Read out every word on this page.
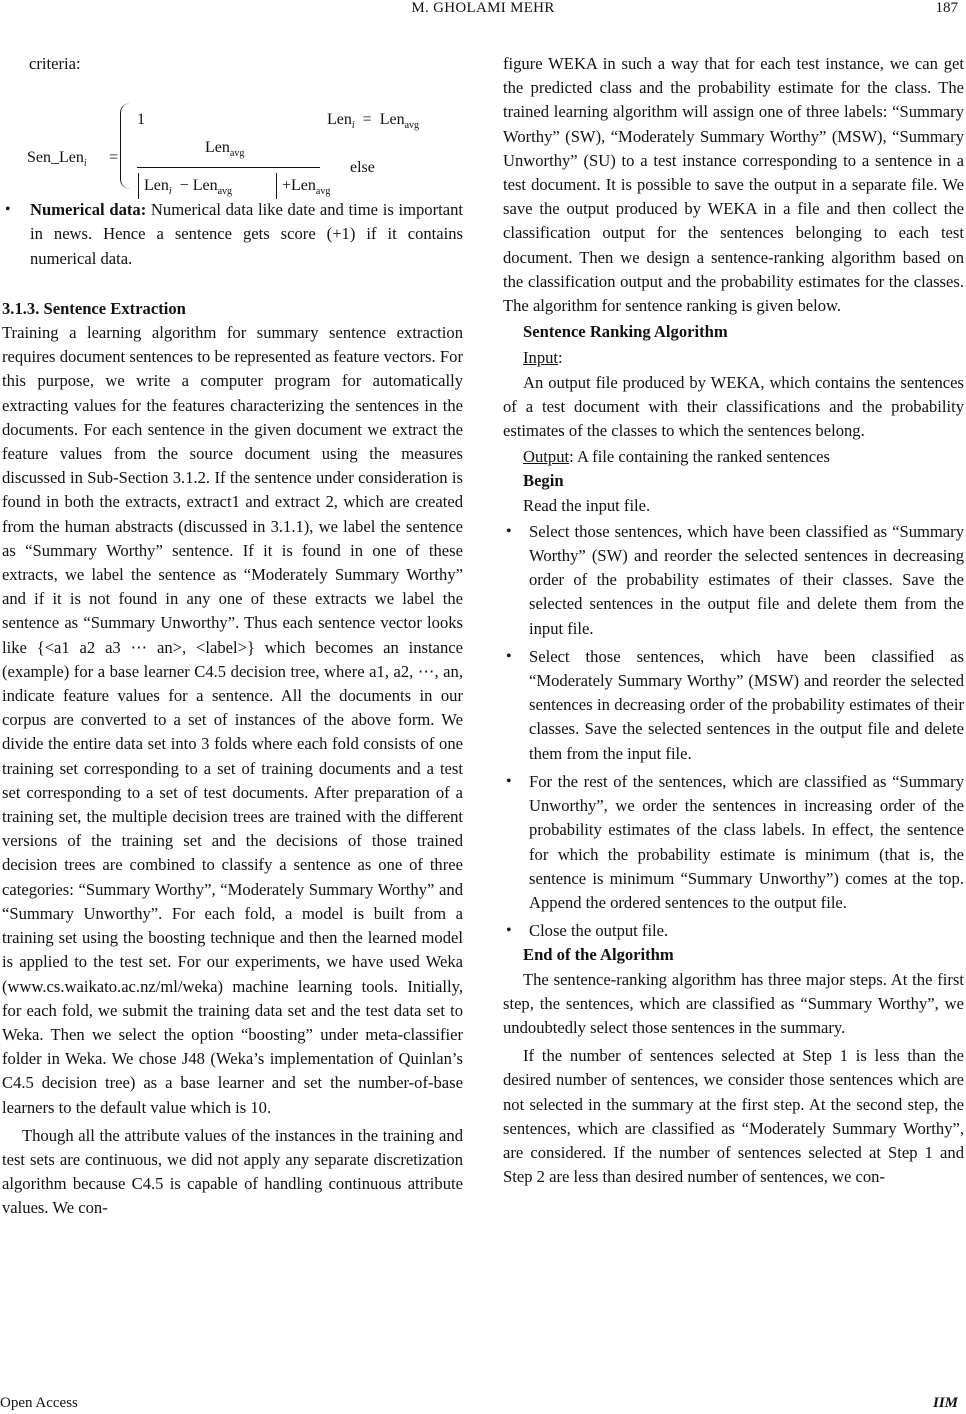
M. GHOLAMI MEHR	187

criteria:

Sen_Len$_i$ =
1	Len$_i$ = Len$_{avg}$
Len$_{avg}$
Len$_i$ − Len$_{avg}$	+Len$_{avg}$
else
• Numerical data: Numerical data like date and time is important in news. Hence a sentence gets score (+1) if it contains numerical data.

3.1.3. Sentence Extraction

Training a learning algorithm for summary sentence extraction requires document sentences to be represented as feature vectors. For this purpose, we write a computer program for automatically extracting values for the features characterizing the sentences in the documents. For each sentence in the given document we extract the feature values from the source document using the measures discussed in Sub-Section 3.1.2. If the sentence under consideration is found in both the extracts, extract1 and extract 2, which are created from the human abstracts (discussed in 3.1.1), we label the sentence as “Summary Worthy” sentence. If it is found in one of these extracts, we label the sentence as “Moderately Summary Worthy” and if it is not found in any one of these extracts we label the sentence as “Summary Unworthy”. Thus each sentence vector looks like {<a1 a2 a3 ⋯ an>, <label>} which becomes an instance (example) for a base learner C4.5 decision tree, where a1, a2, ⋯, an, indicate feature values for a sentence. All the documents in our corpus are converted to a set of instances of the above form. We divide the entire data set into 3 folds where each fold consists of one training set corresponding to a set of training documents and a test set corresponding to a set of test documents. After preparation of a training set, the multiple decision trees are trained with the different versions of the training set and the decisions of those trained decision trees are combined to classify a sentence as one of three categories: “Summary Worthy”, “Moderately Summary Worthy” and “Summary Unworthy”. For each fold, a model is built from a training set using the boosting technique and then the learned model is applied to the test set. For our experiments, we have used Weka (www.cs.waikato.ac.nz/ml/weka) machine learning tools. Initially, for each fold, we submit the training data set and the test data set to Weka. Then we select the option “boosting” under meta-classifier folder in Weka. We chose J48 (Weka’s implementation of Quinlan’s C4.5 decision tree) as a base learner and set the number-of-base learners to the default value which is 10.

Though all the attribute values of the instances in the training and test sets are continuous, we did not apply any separate discretization algorithm because C4.5 is capable of handling continuous attribute values. We con-

figure WEKA in such a way that for each test instance, we can get the predicted class and the probability estimate for the class. The trained learning algorithm will assign one of three labels: “Summary Worthy” (SW), “Moderately Summary Worthy” (MSW), “Summary Unworthy” (SU) to a test instance corresponding to a sentence in a test document. It is possible to save the output in a separate file. We save the output produced by WEKA in a file and then collect the classification output for the sentences belonging to each test document. Then we design a sentence-ranking algorithm based on the classification output and the probability estimates for the classes. The algorithm for sentence ranking is given below.

Sentence Ranking Algorithm

Input:

An output file produced by WEKA, which contains the sentences of a test document with their classifications and the probability estimates of the classes to which the sentences belong.

Output: A file containing the ranked sentences

Begin

Read the input file.

• Select those sentences, which have been classified as “Summary Worthy” (SW) and reorder the selected sentences in decreasing order of the probability estimates of their classes. Save the selected sentences in the output file and delete them from the input file.

• Select those sentences, which have been classified as “Moderately Summary Worthy” (MSW) and reorder the selected sentences in decreasing order of the probability estimates of their classes. Save the selected sentences in the output file and delete them from the input file.

• For the rest of the sentences, which are classified as “Summary Unworthy”, we order the sentences in increasing order of the probability estimates of the class labels. In effect, the sentence for which the probability estimate is minimum (that is, the sentence is minimum “Summary Unworthy”) comes at the top. Append the ordered sentences to the output file.

• Close the output file.

End of the Algorithm

The sentence-ranking algorithm has three major steps. At the first step, the sentences, which are classified as “Summary Worthy”, we undoubtedly select those sentences in the summary.

If the number of sentences selected at Step 1 is less than the desired number of sentences, we consider those sentences which are not selected in the summary at the first step. At the second step, the sentences, which are classified as “Moderately Summary Worthy”, are considered. If the number of sentences selected at Step 1 and Step 2 are less than desired number of sentences, we con-

Open Access	IIM
